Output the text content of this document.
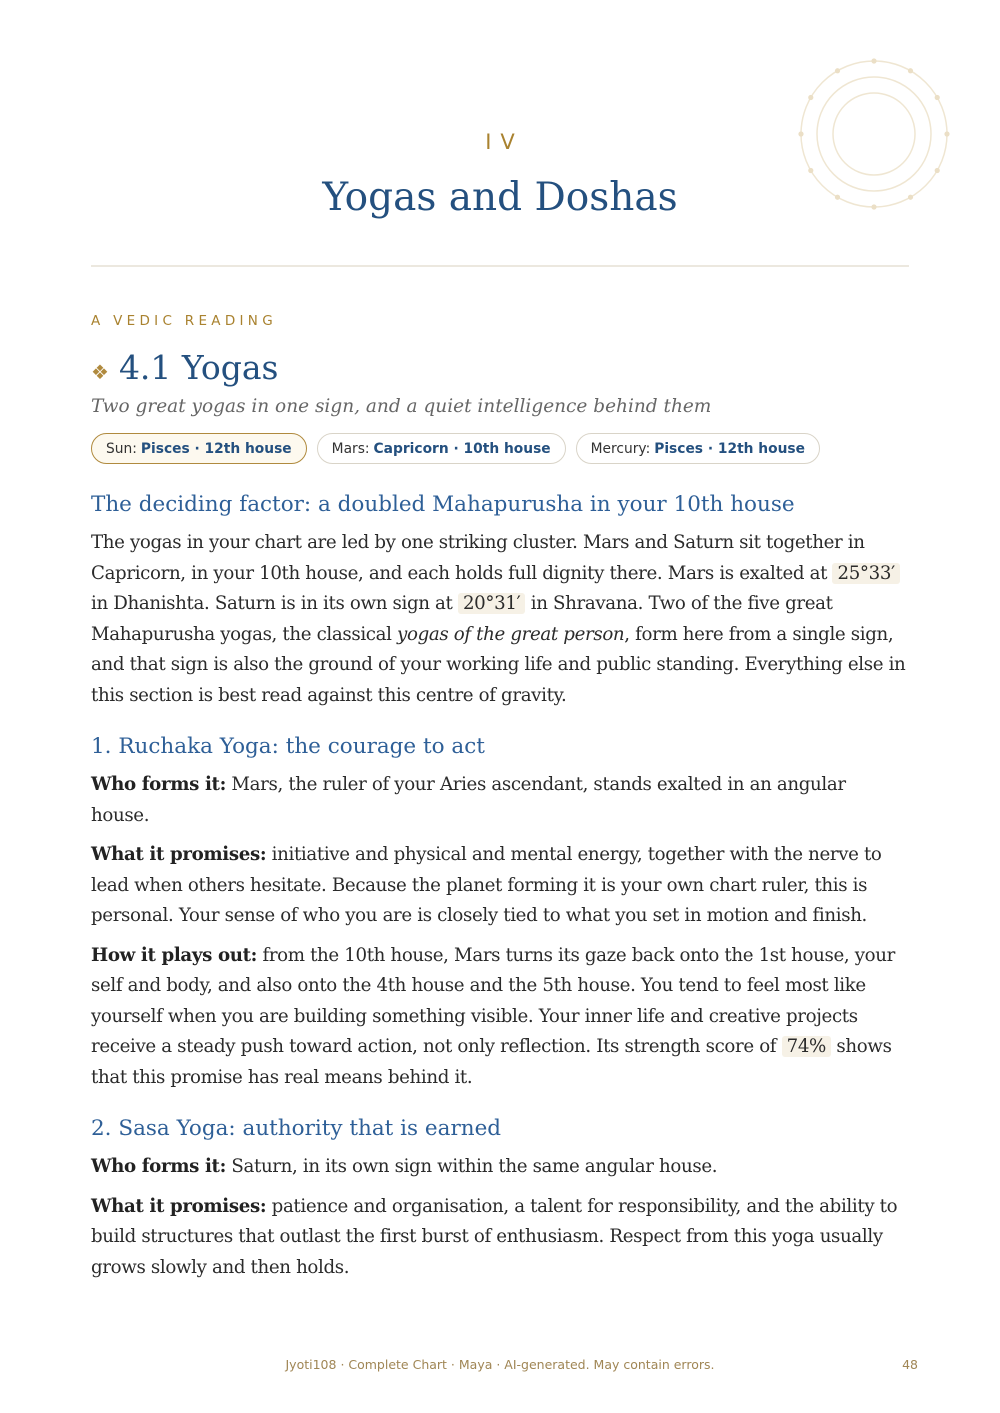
IV

Yogas and Doshas

A VEDIC READING

❖ 4.1 Yogas

Two great yogas in one sign, and a quiet intelligence behind them

Sun: Pisces · 12th house	Mars: Capricorn · 10th house	Mercury: Pisces · 12th house
The deciding factor: a doubled Mahapurusha in your 10th house

The yogas in your chart are led by one striking cluster. Mars and Saturn sit together in Capricorn, in your 10th house, and each holds full dignity there. Mars is exalted at 25°33′ in Dhanishta. Saturn is in its own sign at 20°31′ in Shravana. Two of the five great Mahapurusha yogas, the classical yogas of the great person, form here from a single sign, and that sign is also the ground of your working life and public standing. Everything else in this section is best read against this centre of gravity.

1. Ruchaka Yoga: the courage to act

Who forms it: Mars, the ruler of your Aries ascendant, stands exalted in an angular house.

What it promises: initiative and physical and mental energy, together with the nerve to lead when others hesitate. Because the planet forming it is your own chart ruler, this is personal. Your sense of who you are is closely tied to what you set in motion and finish.

How it plays out: from the 10th house, Mars turns its gaze back onto the 1st house, your self and body, and also onto the 4th house and the 5th house. You tend to feel most like yourself when you are building something visible. Your inner life and creative projects receive a steady push toward action, not only reflection. Its strength score of 74% shows that this promise has real means behind it.

2. Sasa Yoga: authority that is earned

Who forms it: Saturn, in its own sign within the same angular house.

What it promises: patience and organisation, a talent for responsibility, and the ability to build structures that outlast the first burst of enthusiasm. Respect from this yoga usually grows slowly and then holds.

Jyoti108 · Complete Chart · Maya · AI-generated. May contain errors.	48
